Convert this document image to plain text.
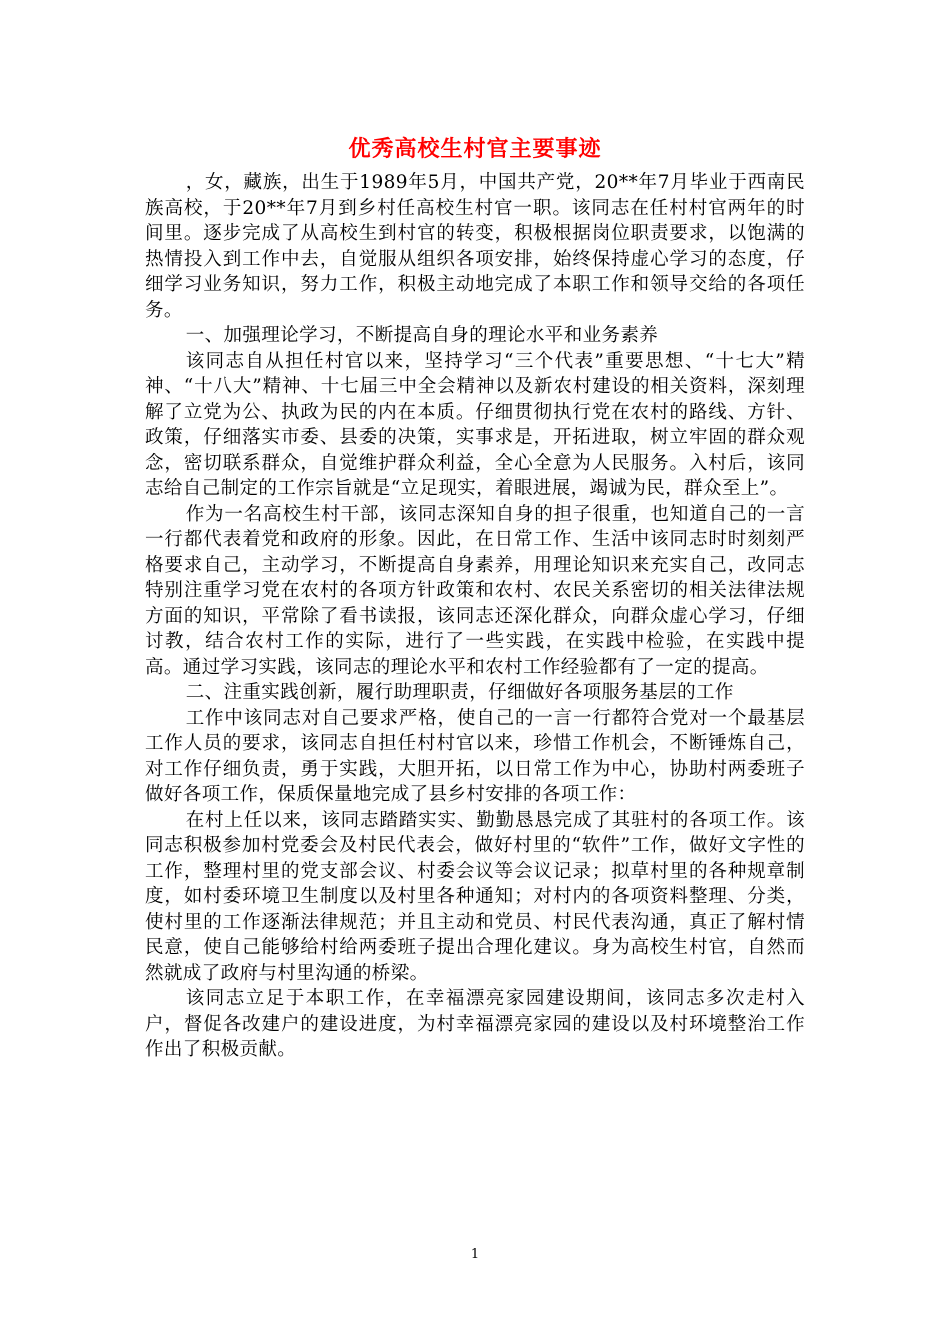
优秀高校生村官主要事迹

，女，藏族，出生于1989年5月，中国共产党，20**年7月毕业于西南民族高校，于20**年7月到乡村任高校生村官一职。该同志在任村村官两年的时间里。逐步完成了从高校生到村官的转变，积极根据岗位职责要求，以饱满的热情投入到工作中去，自觉服从组织各项安排，始终保持虚心学习的态度，仔细学习业务知识，努力工作，积极主动地完成了本职工作和领导交给的各项任务。

一、加强理论学习，不断提高自身的理论水平和业务素养

该同志自从担任村官以来，坚持学习“三个代表”重要思想、“十七大”精神、“十八大”精神、十七届三中全会精神以及新农村建设的相关资料，深刻理解了立党为公、执政为民的内在本质。仔细贯彻执行党在农村的路线、方针、政策，仔细落实市委、县委的决策，实事求是，开拓进取，树立牢固的群众观念，密切联系群众，自觉维护群众利益，全心全意为人民服务。入村后，该同志给自己制定的工作宗旨就是“立足现实，着眼进展，竭诚为民，群众至上”。

作为一名高校生村干部，该同志深知自身的担子很重，也知道自己的一言一行都代表着党和政府的形象。因此，在日常工作、生活中该同志时时刻刻严格要求自己，主动学习，不断提高自身素养，用理论知识来充实自己，改同志特别注重学习党在农村的各项方针政策和农村、农民关系密切的相关法律法规方面的知识，平常除了看书读报，该同志还深化群众，向群众虚心学习，仔细讨教，结合农村工作的实际，进行了一些实践，在实践中检验，在实践中提高。通过学习实践，该同志的理论水平和农村工作经验都有了一定的提高。

二、注重实践创新，履行助理职责，仔细做好各项服务基层的工作

工作中该同志对自己要求严格，使自己的一言一行都符合党对一个最基层工作人员的要求，该同志自担任村村官以来，珍惜工作机会，不断锤炼自己，对工作仔细负责，勇于实践，大胆开拓，以日常工作为中心，协助村两委班子做好各项工作，保质保量地完成了县乡村安排的各项工作：

在村上任以来，该同志踏踏实实、勤勤恳恳完成了其驻村的各项工作。该同志积极参加村党委会及村民代表会，做好村里的“软件”工作，做好文字性的工作，整理村里的党支部会议、村委会议等会议记录；拟草村里的各种规章制度，如村委环境卫生制度以及村里各种通知；对村内的各项资料整理、分类，使村里的工作逐渐法律规范；并且主动和党员、村民代表沟通，真正了解村情民意，使自己能够给村给两委班子提出合理化建议。身为高校生村官，自然而然就成了政府与村里沟通的桥梁。

该同志立足于本职工作，在幸福漂亮家园建设期间，该同志多次走村入户，督促各改建户的建设进度，为村幸福漂亮家园的建设以及村环境整治工作作出了积极贡献。

1
